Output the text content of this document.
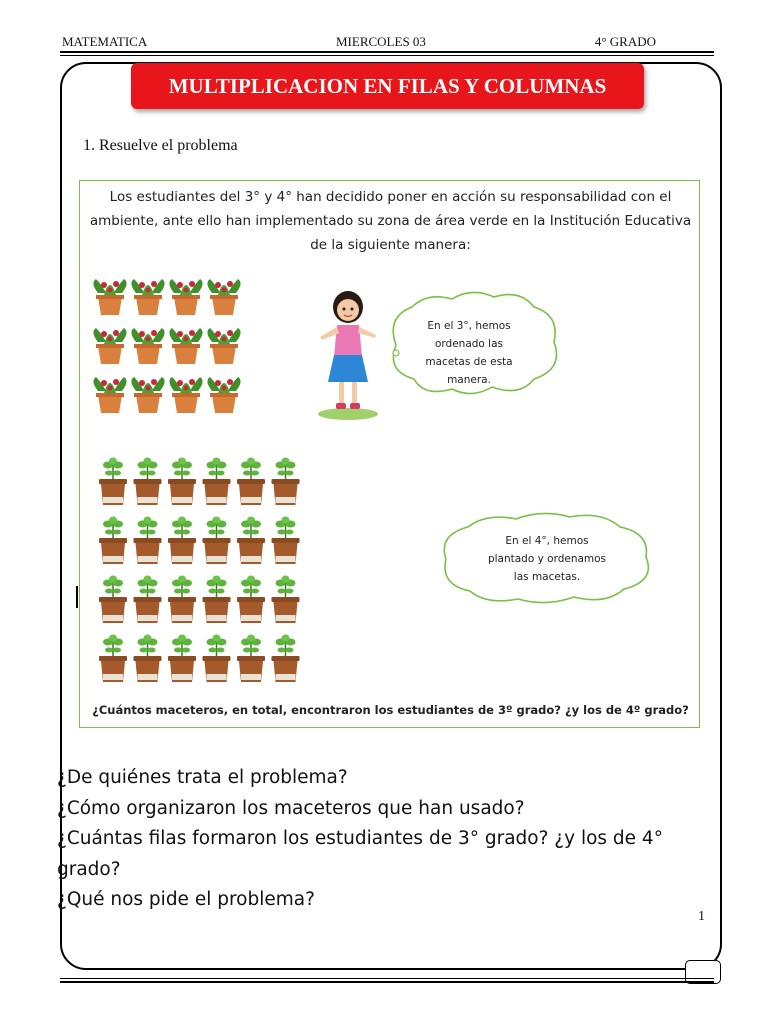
MATEMATICA	MIERCOLES 03	4° GRADO
MULTIPLICACION EN FILAS Y COLUMNAS
1. Resuelve el problema
Los estudiantes del 3° y 4° han decidido poner en acción su responsabilidad con el
ambiente, ante ello han implementado su zona de área verde en la Institución Educativa
de la siguiente manera:
En el 3°, hemos
ordenado las
macetas de esta
manera.
En el 4°, hemos
plantado y ordenamos
las macetas.
¿Cuántos maceteros, en total, encontraron los estudiantes de 3º grado? ¿y los de 4º grado?
¿De quiénes trata el problema?
¿Cómo organizaron los maceteros que han usado?
¿Cuántas filas formaron los estudiantes de 3° grado? ¿y los de 4°
grado?
¿Qué nos pide el problema?
1
